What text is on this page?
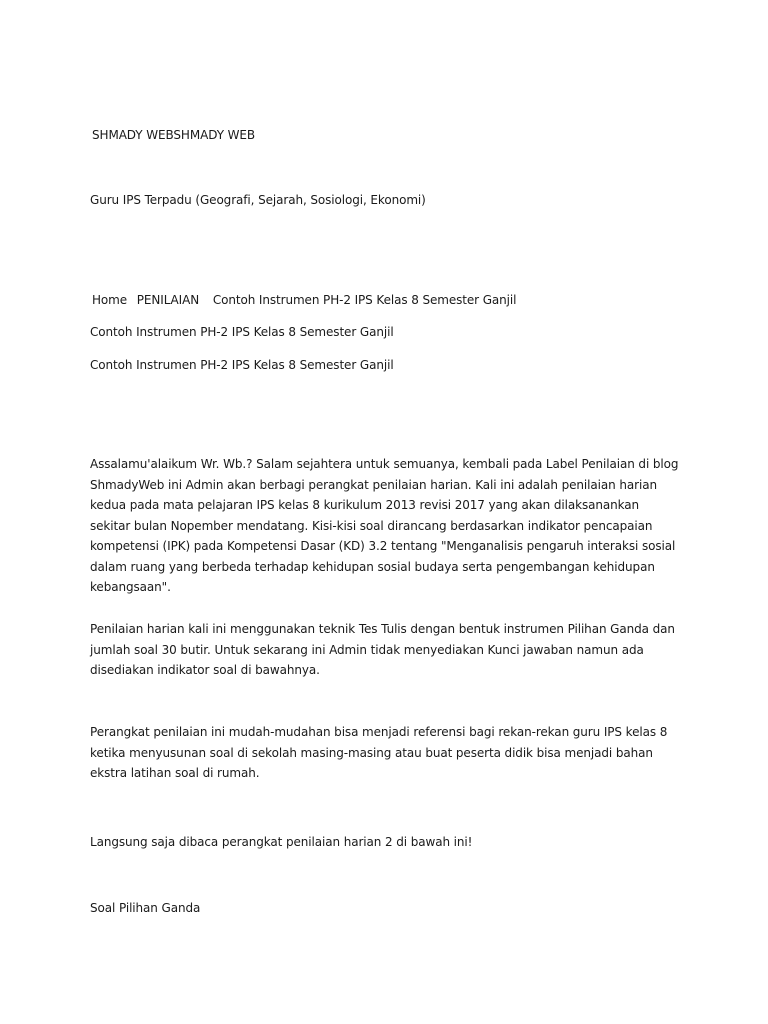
SHMADY WEBSHMADY WEB
Guru IPS Terpadu (Geografi, Sejarah, Sosiologi, Ekonomi)
Home PENILAIAN Contoh Instrumen PH-2 IPS Kelas 8 Semester Ganjil
Contoh Instrumen PH-2 IPS Kelas 8 Semester Ganjil
Contoh Instrumen PH-2 IPS Kelas 8 Semester Ganjil
Assalamu'alaikum Wr. Wb.? Salam sejahtera untuk semuanya, kembali pada Label Penilaian di blog ShmadyWeb ini Admin akan berbagi perangkat penilaian harian. Kali ini adalah penilaian harian kedua pada mata pelajaran IPS kelas 8 kurikulum 2013 revisi 2017 yang akan dilaksanankan sekitar bulan Nopember mendatang. Kisi-kisi soal dirancang berdasarkan indikator pencapaian kompetensi (IPK) pada Kompetensi Dasar (KD) 3.2 tentang "Menganalisis pengaruh interaksi sosial dalam ruang yang berbeda terhadap kehidupan sosial budaya serta pengembangan kehidupan kebangsaan".
Penilaian harian kali ini menggunakan teknik Tes Tulis dengan bentuk instrumen Pilihan Ganda dan jumlah soal 30 butir. Untuk sekarang ini Admin tidak menyediakan Kunci jawaban namun ada disediakan indikator soal di bawahnya.
Perangkat penilaian ini mudah-mudahan bisa menjadi referensi bagi rekan-rekan guru IPS kelas 8 ketika menyusunan soal di sekolah masing-masing atau buat peserta didik bisa menjadi bahan ekstra latihan soal di rumah.
Langsung saja dibaca perangkat penilaian harian 2 di bawah ini!
Soal Pilihan Ganda
